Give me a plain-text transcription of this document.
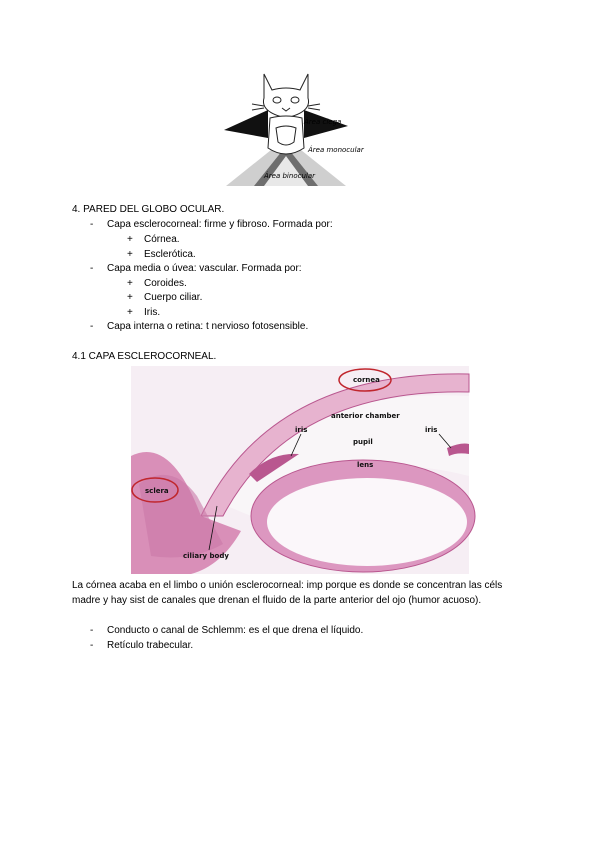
Área ciega
Área monocular
Área binocular
4. PARED DEL GLOBO OCULAR.
- Capa esclerocorneal: firme y fibroso. Formada por:
+ Córnea.
+ Esclerótica.
- Capa media o úvea: vascular. Formada por:
+ Coroides.
+ Cuerpo ciliar.
+ Iris.
- Capa interna o retina: t nervioso fotosensible.
4.1 CAPA ESCLEROCORNEAL.
cornea
anterior chamber
iris	iris
pupil
lens
sclera
ciliary body
La córnea acaba en el limbo o unión esclerocorneal: imp porque es donde se concentran las céls madre y hay sist de canales que drenan el fluido de la parte anterior del ojo (humor acuoso).
- Conducto o canal de Schlemm: es el que drena el líquido.
- Retículo trabecular.
